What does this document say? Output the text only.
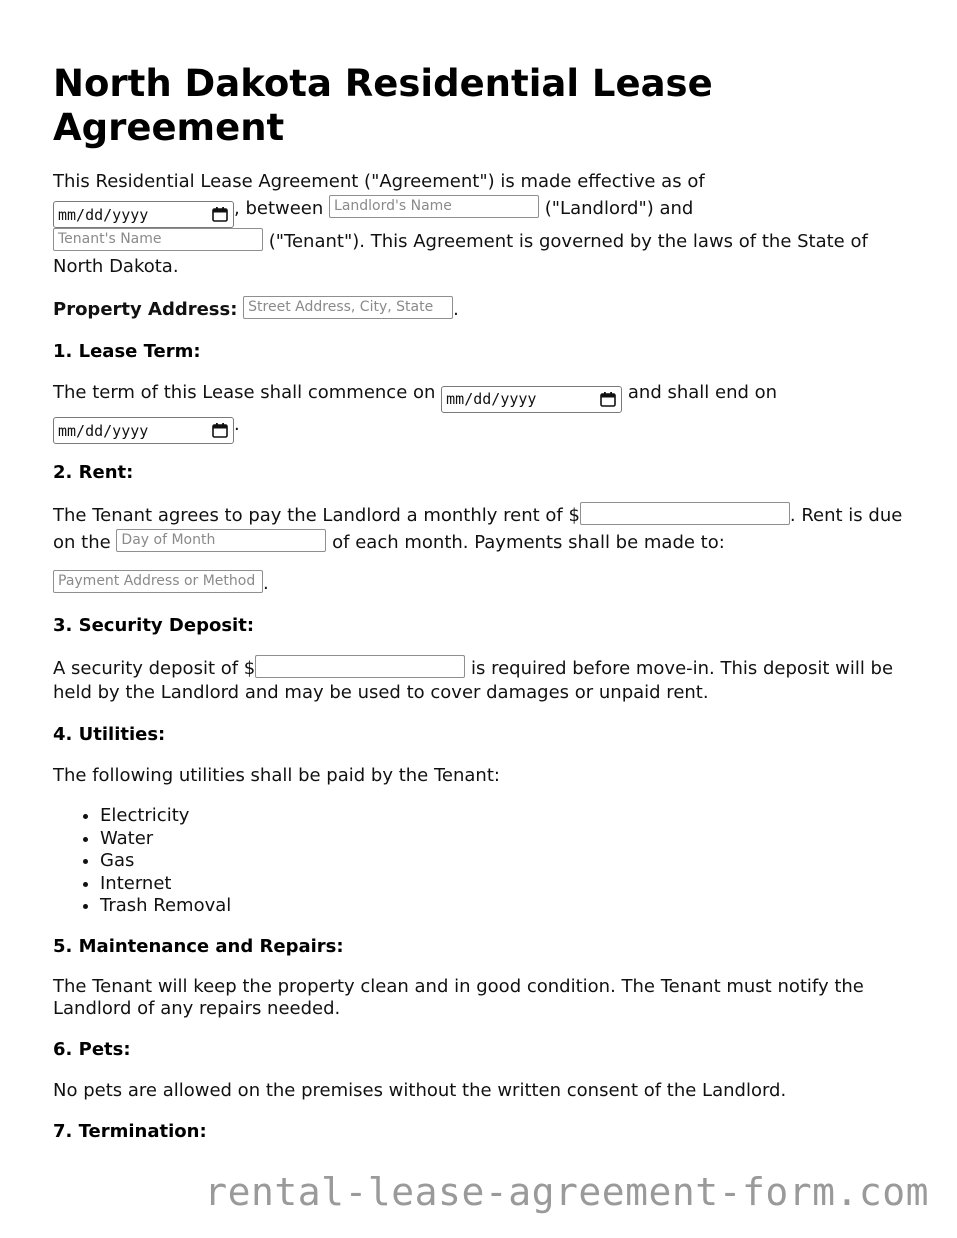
North Dakota Residential Lease Agreement

This Residential Lease Agreement ("Agreement") is made effective as of

mm/dd/yyyy	, between Landlord's Name	("Landlord") and
Tenant's Name	("Tenant"). This Agreement is governed by the laws of the State of North Dakota.

Property Address: Street Address, City, State .

1. Lease Term:

The term of this Lease shall commence on mm/dd/yyyy	and shall end on

mm/dd/yyyy	.

2. Rent:

The Tenant agrees to pay the Landlord a monthly rent of $	. Rent is due on the Day of Month	of each month. Payments shall be made to:

Payment Address or Method .

3. Security Deposit:

A security deposit of $	is required before move-in. This deposit will be held by the Landlord and may be used to cover damages or unpaid rent.

4. Utilities:

The following utilities shall be paid by the Tenant:

• Electricity
• Water
• Gas
• Internet
• Trash Removal
5. Maintenance and Repairs:

The Tenant will keep the property clean and in good condition. The Tenant must notify the Landlord of any repairs needed.

6. Pets:

No pets are allowed on the premises without the written consent of the Landlord.

7. Termination:
rental-lease-agreement-form.com
